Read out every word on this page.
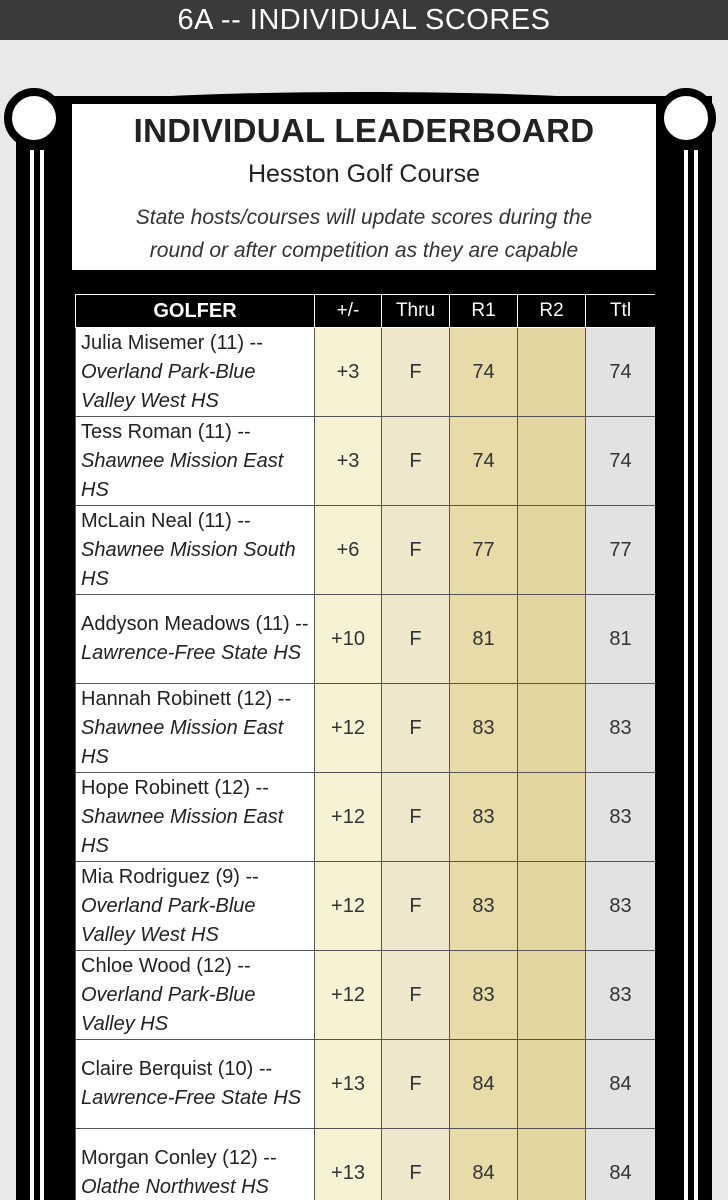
6A -- INDIVIDUAL SCORES
INDIVIDUAL LEADERBOARD
Hesston Golf Course
State hosts/courses will update scores during the
round or after competition as they are capable
GOLFER	+/-	Thru	R1	R2	Ttl
Julia Misemer (11) -- Overland Park-Blue Valley West HS	+3	F	74		74
Tess Roman (11) -- Shawnee Mission East HS	+3	F	74		74
McLain Neal (11) -- Shawnee Mission South HS	+6	F	77		77
Addyson Meadows (11) -- Lawrence-Free State HS	+10	F	81		81
Hannah Robinett (12) -- Shawnee Mission East HS	+12	F	83		83
Hope Robinett (12) -- Shawnee Mission East HS	+12	F	83		83
Mia Rodriguez (9) -- Overland Park-Blue Valley West HS	+12	F	83		83
Chloe Wood (12) -- Overland Park-Blue Valley HS	+12	F	83		83
Claire Berquist (10) -- Lawrence-Free State HS	+13	F	84		84
Morgan Conley (12) -- Olathe Northwest HS	+13	F	84		84
